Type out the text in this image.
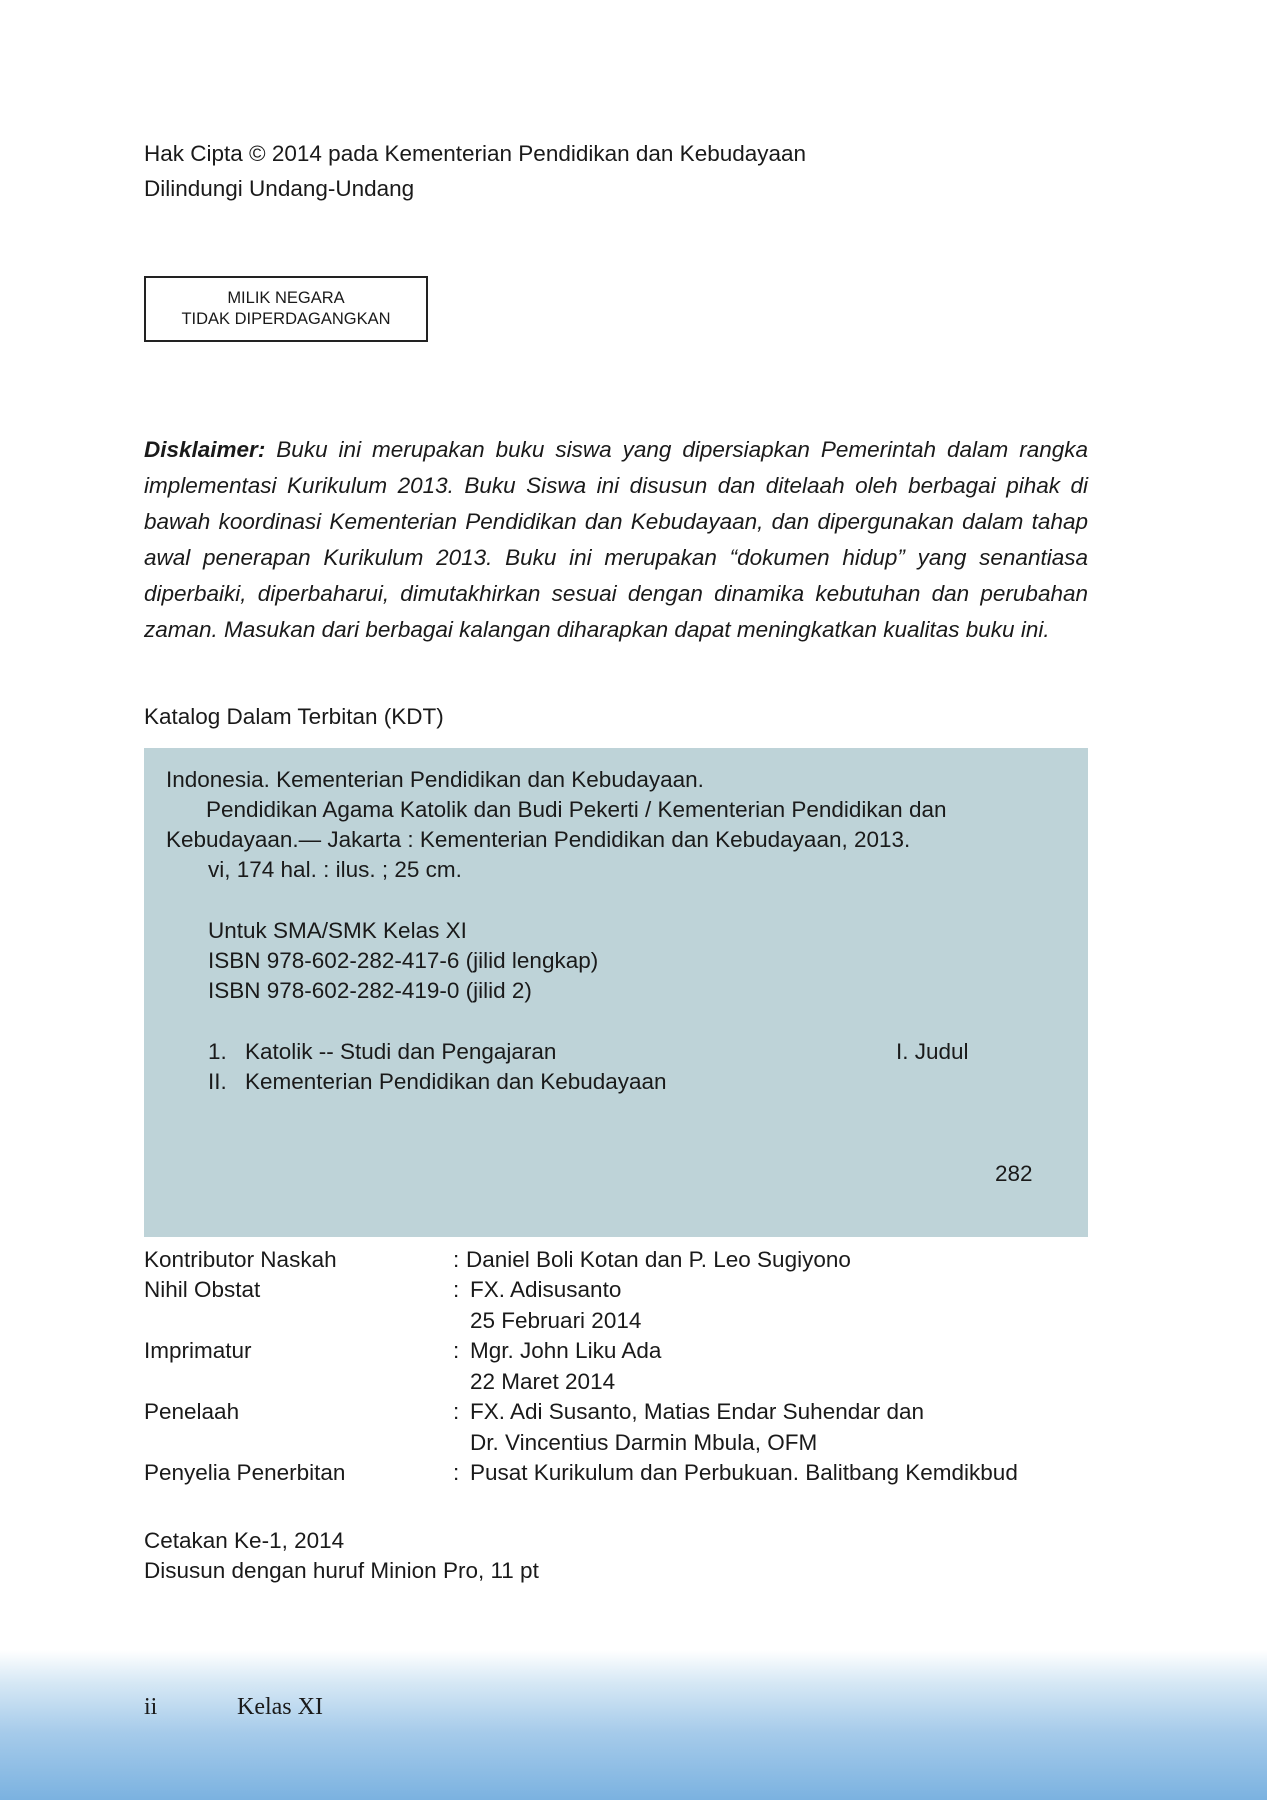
Hak Cipta © 2014 pada Kementerian Pendidikan dan Kebudayaan
Dilindungi Undang-Undang
MILIK NEGARA
TIDAK DIPERDAGANGKAN
Disklaimer: Buku ini merupakan buku siswa yang dipersiapkan Pemerintah dalam rangka implementasi Kurikulum 2013. Buku Siswa ini disusun dan ditelaah oleh berbagai pihak di bawah koordinasi Kementerian Pendidikan dan Kebudayaan, dan dipergunakan dalam tahap awal penerapan Kurikulum 2013. Buku ini merupakan “dokumen hidup” yang senantiasa diperbaiki, diperbaharui, dimutakhirkan sesuai dengan dinamika kebutuhan dan perubahan zaman. Masukan dari berbagai kalangan diharapkan dapat meningkatkan kualitas buku ini.
Katalog Dalam Terbitan (KDT)
Indonesia. Kementerian Pendidikan dan Kebudayaan.
Pendidikan Agama Katolik dan Budi Pekerti / Kementerian Pendidikan dan
Kebudayaan.— Jakarta : Kementerian Pendidikan dan Kebudayaan, 2013.
vi, 174 hal. : ilus. ; 25 cm.
Untuk SMA/SMK Kelas XI
ISBN 978-602-282-417-6 (jilid lengkap)
ISBN 978-602-282-419-0 (jilid 2)
1. Katolik -- Studi dan Pengajaran	I. Judul
II. Kementerian Pendidikan dan Kebudayaan
282
Kontributor Naskah	: Daniel Boli Kotan dan P. Leo Sugiyono
Nihil Obstat	: FX. Adisusanto
25 Februari 2014
Imprimatur	: Mgr. John Liku Ada
22 Maret 2014
Penelaah	: FX. Adi Susanto, Matias Endar Suhendar dan
Dr. Vincentius Darmin Mbula, OFM
Penyelia Penerbitan	: Pusat Kurikulum dan Perbukuan. Balitbang Kemdikbud
Cetakan Ke-1, 2014
Disusun dengan huruf Minion Pro, 11 pt
ii	Kelas XI
